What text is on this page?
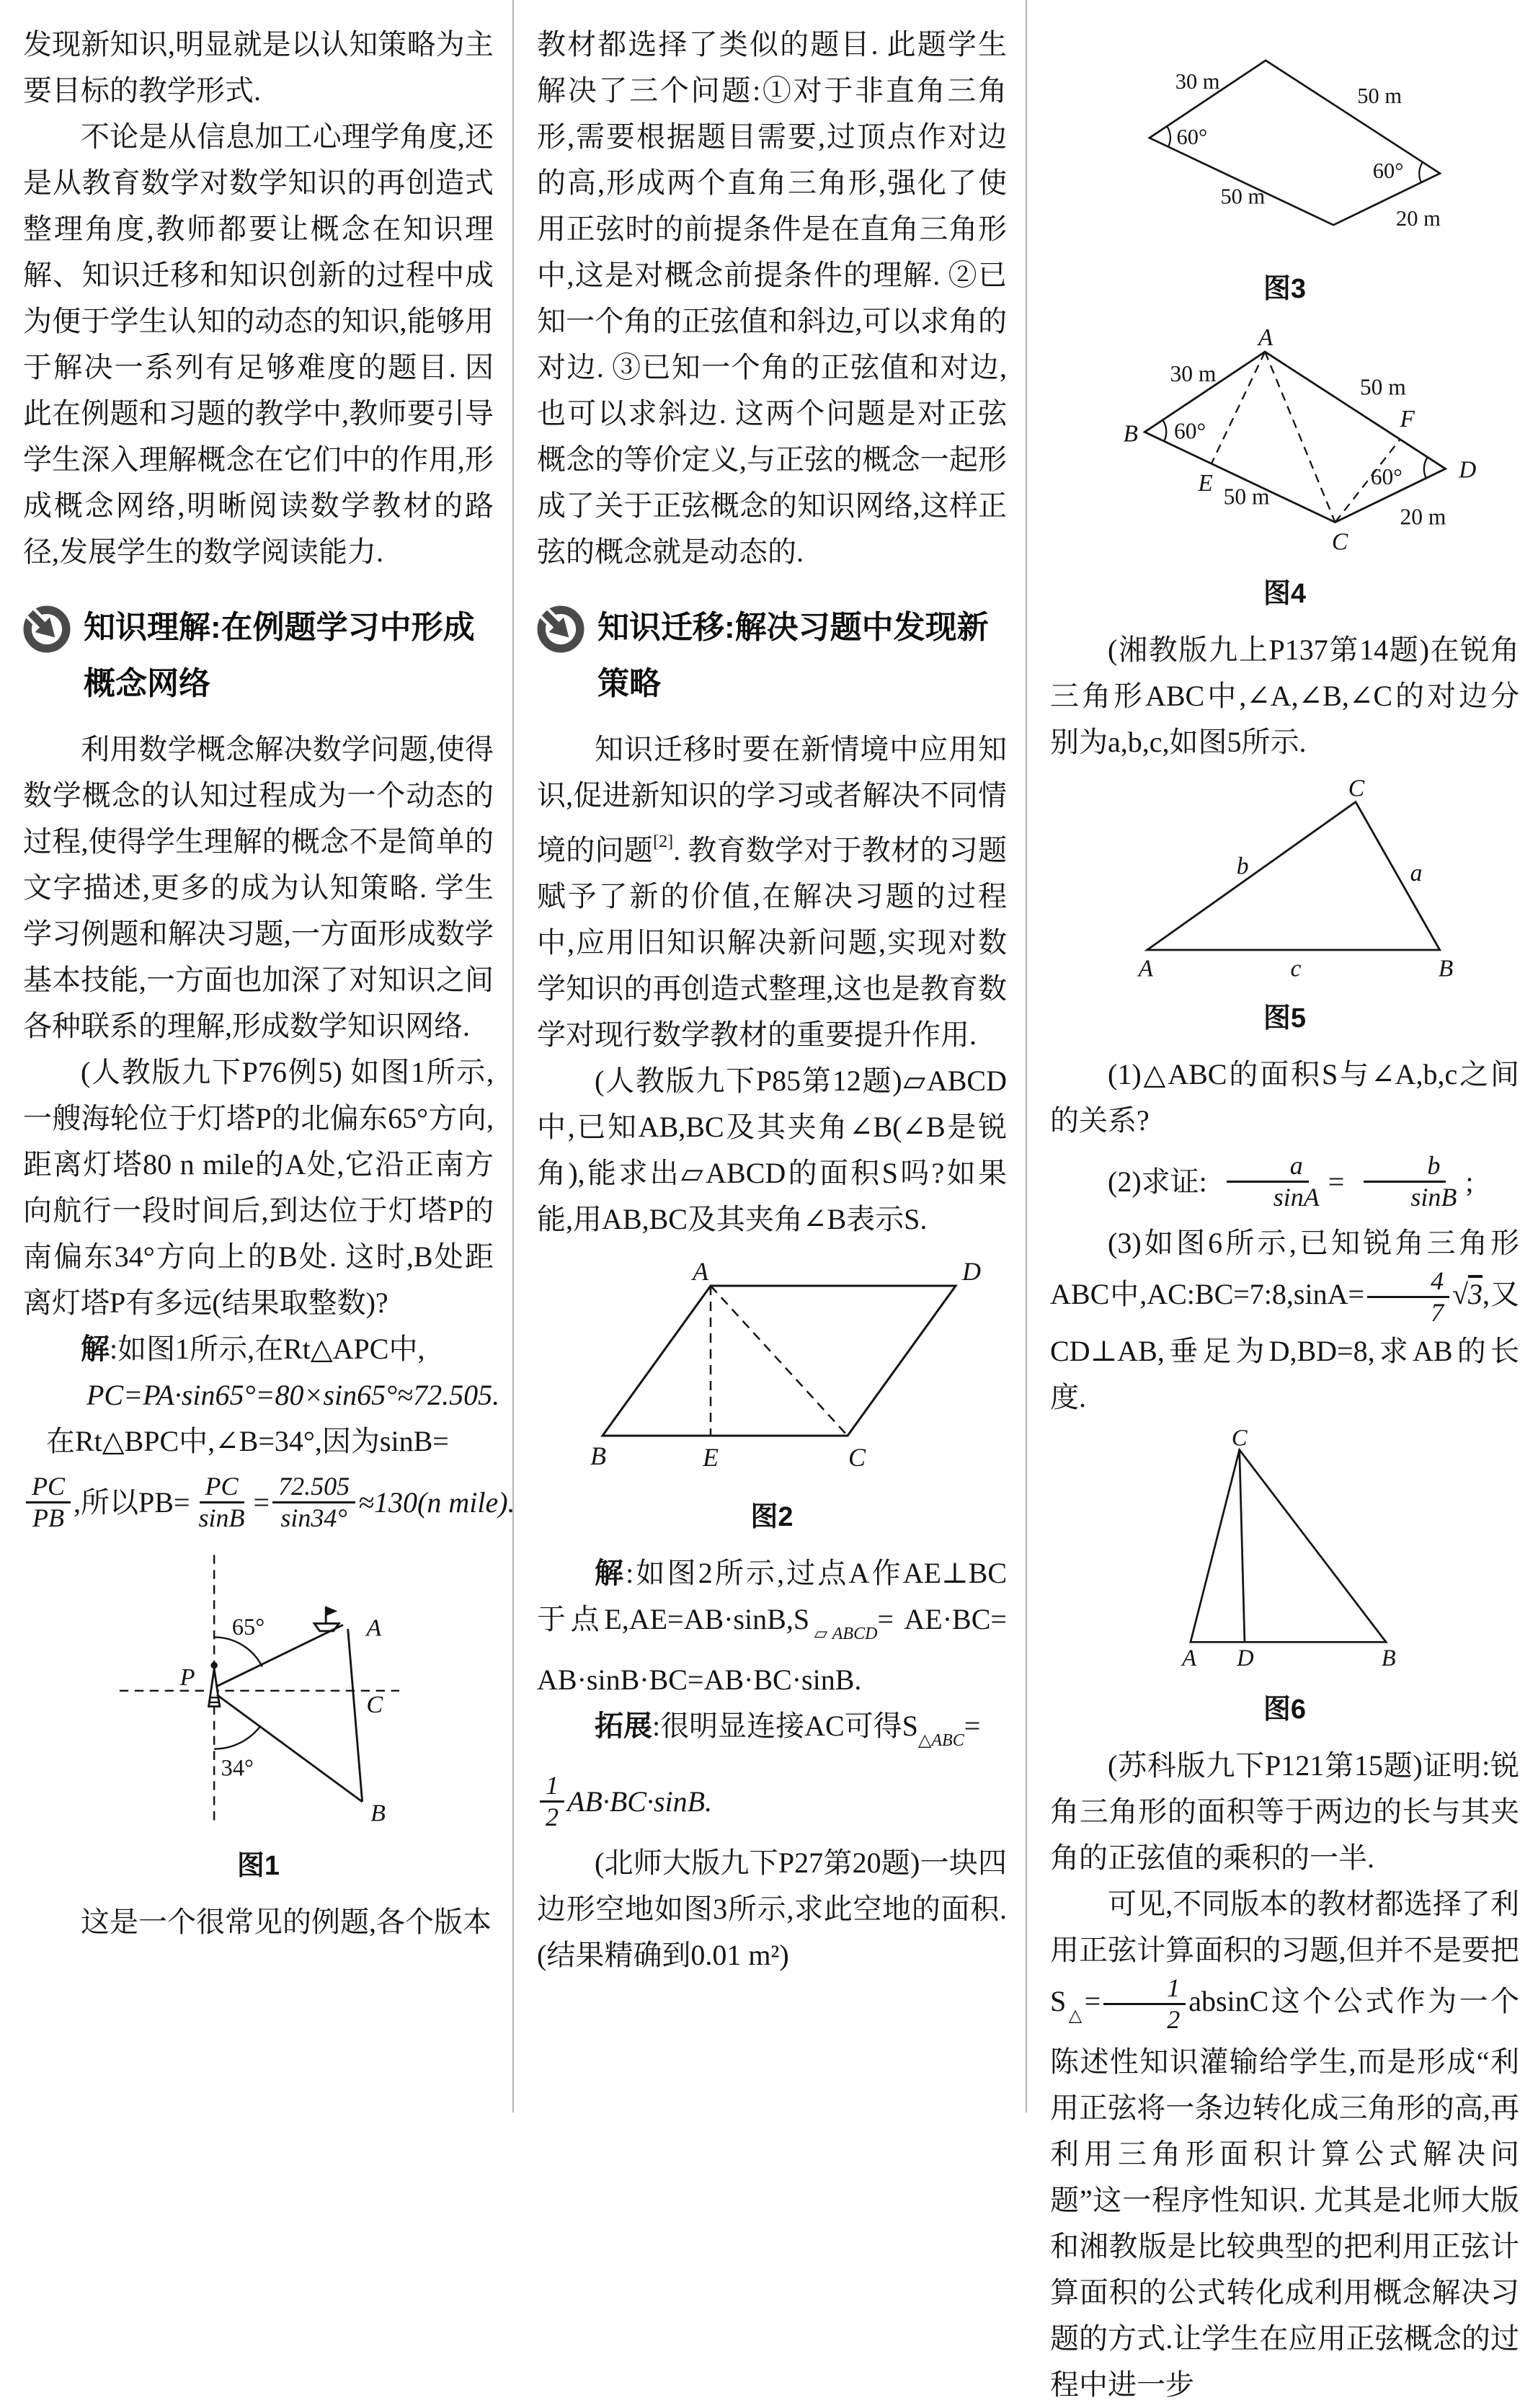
发现新知识,明显就是以认知策略为主要目标的教学形式.

不论是从信息加工心理学角度,还是从教育数学对数学知识的再创造式整理角度,教师都要让概念在知识理解、知识迁移和知识创新的过程中成为便于学生认知的动态的知识,能够用于解决一系列有足够难度的题目. 因此在例题和习题的教学中,教师要引导学生深入理解概念在它们中的作用,形成概念网络,明晰阅读数学教材的路径,发展学生的数学阅读能力.

知识理解:在例题学习中形成概念网络

利用数学概念解决数学问题,使得数学概念的认知过程成为一个动态的过程,使得学生理解的概念不是简单的文字描述,更多的成为认知策略. 学生学习例题和解决习题,一方面形成数学基本技能,一方面也加深了对知识之间各种联系的理解,形成数学知识网络.

(人教版九下P76例5) 如图1所示,一艘海轮位于灯塔P的北偏东65°方向,距离灯塔80 n mile的A处,它沿正南方向航行一段时间后,到达位于灯塔P的南偏东34°方向上的B处. 这时,B处距离灯塔P有多远(结果取整数)?

解:如图1所示,在Rt△APC中,

PC=PA·sin65°=80×sin65°≈72.505.

在Rt△BPC中,∠B=34°,因为sinB=

$\frac{PC}{PB}$ ,所以$PB= \frac{PC}{\sin B} = \frac{72.505}{\sin 34^\circ} \approx 130(n$ mile).
65°
P
A
C
34°
B
图1

这是一个很常见的例题,各个版本

教材都选择了类似的题目. 此题学生解决了三个问题:①对于非直角三角形,需要根据题目需要,过顶点作对边的高,形成两个直角三角形,强化了使用正弦时的前提条件是在直角三角形中,这是对概念前提条件的理解. ②已知一个角的正弦值和斜边,可以求角的对边. ③已知一个角的正弦值和对边,也可以求斜边. 这两个问题是对正弦概念的等价定义,与正弦的概念一起形成了关于正弦概念的知识网络,这样正弦的概念就是动态的.

知识迁移:解决习题中发现新策略

知识迁移时要在新情境中应用知识,促进新知识的学习或者解决不同情境的问题[2]. 教育数学对于教材的习题赋予了新的价值,在解决习题的过程中,应用旧知识解决新问题,实现对数学知识的再创造式整理,这也是教育数学对现行数学教材的重要提升作用.

(人教版九下P85第12题)▱ABCD中,已知AB,BC及其夹角∠B(∠B是锐角),能求出▱ABCD的面积S吗?如果能,用AB,BC及其夹角∠B表示S.

A	D
B	E	C
图2

解:如图2所示,过点A作AE⊥BC于点$E,AE=AB\cdot\sin B,S_{▱ABCD}= AE\cdot BC= AB\cdot\sin B\cdot BC=AB\cdot BC\cdot\sin B$.

拓展:很明显连接AC可得$S_{\triangle ABC}=$

$\frac{1}{2} AB\cdot BC\cdot\sin B$.

(北师大版九下P27第20题)一块四边形空地如图3所示,求此空地的面积.(结果精确到0.01 m²)

30 m
50 m
60°
60°
50 m
20 m
图3
A
30 m
50 m
B 60°
E
F
60° D
50 m
20 m
C
图4

(湘教版九上P137第14题)在锐角三角形ABC中,∠A,∠B,∠C的对边分别为a,b,c,如图5所示.

C
b	a
A	c	B
图5

(1)△ABC的面积S与∠A,b,c之间的关系?

(2)求证: $\frac{a}{\sin A} = \frac{b}{\sin B}$ ;

(3)如图6所示,已知锐角三角形ABC中,AC:BC=7:8,sinA= $\frac{4}{7} √3$,又CD⊥AB,垂足为D,BD=8,求AB的长度.

C
A D	B
图6

(苏科版九下P121第15题)证明:锐角三角形的面积等于两边的长与其夹角的正弦值的乘积的一半.

可见,不同版本的教材都选择了利用正弦计算面积的习题,但并不是要把$S_\triangle= \frac{1}{2}$ absinC这个公式作为一个陈述性知识灌输给学生,而是形成“利用正弦将一条边转化成三角形的高,再利用三角形面积计算公式解决问题”这一程序性知识. 尤其是北师大版和湘教版是比较典型的把利用正弦计算面积的公式转化成利用概念解决习题的方式.让学生在应用正弦概念的过程中进一步
